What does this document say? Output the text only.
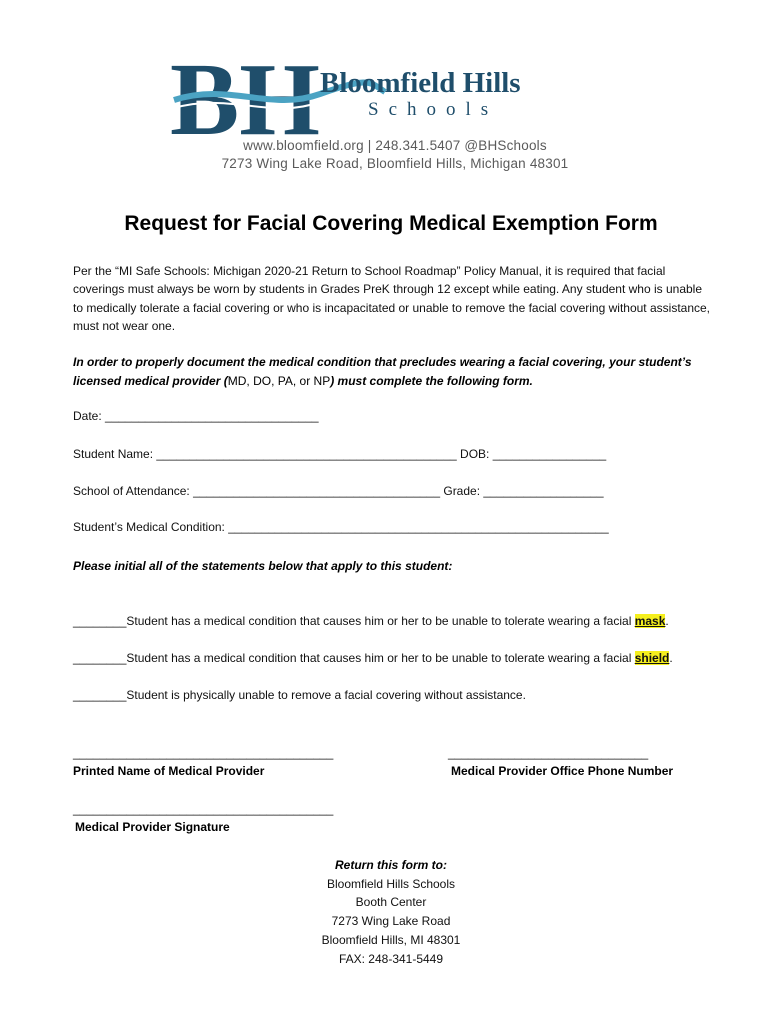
BH Bloomfield Hills
Schools
www.bloomfield.org | 248.341.5407 @BHSchools
7273 Wing Lake Road, Bloomfield Hills, Michigan 48301
Request for Facial Covering Medical Exemption Form
Per the “MI Safe Schools: Michigan 2020-21 Return to School Roadmap” Policy Manual, it is required that facial coverings must always be worn by students in Grades PreK through 12 except while eating. Any student who is unable to medically tolerate a facial covering or who is incapacitated or unable to remove the facial covering without assistance, must not wear one.
In order to properly document the medical condition that precludes wearing a facial covering, your student’s licensed medical provider (MD, DO, PA, or NP) must complete the following form.
Date: ________________________________
Student Name: _____________________________________________ DOB: _________________
School of Attendance: _____________________________________ Grade: __________________
Student’s Medical Condition: _________________________________________________________
Please initial all of the statements below that apply to this student:
________Student has a medical condition that causes him or her to be unable to tolerate wearing a facial mask.
________Student has a medical condition that causes him or her to be unable to tolerate wearing a facial shield.
________Student is physically unable to remove a facial covering without assistance.
_______________________________________	______________________________
Printed Name of Medical Provider	Medical Provider Office Phone Number
_______________________________________
Medical Provider Signature
Return this form to:
Bloomfield Hills Schools
Booth Center
7273 Wing Lake Road
Bloomfield Hills, MI 48301
FAX: 248-341-5449
